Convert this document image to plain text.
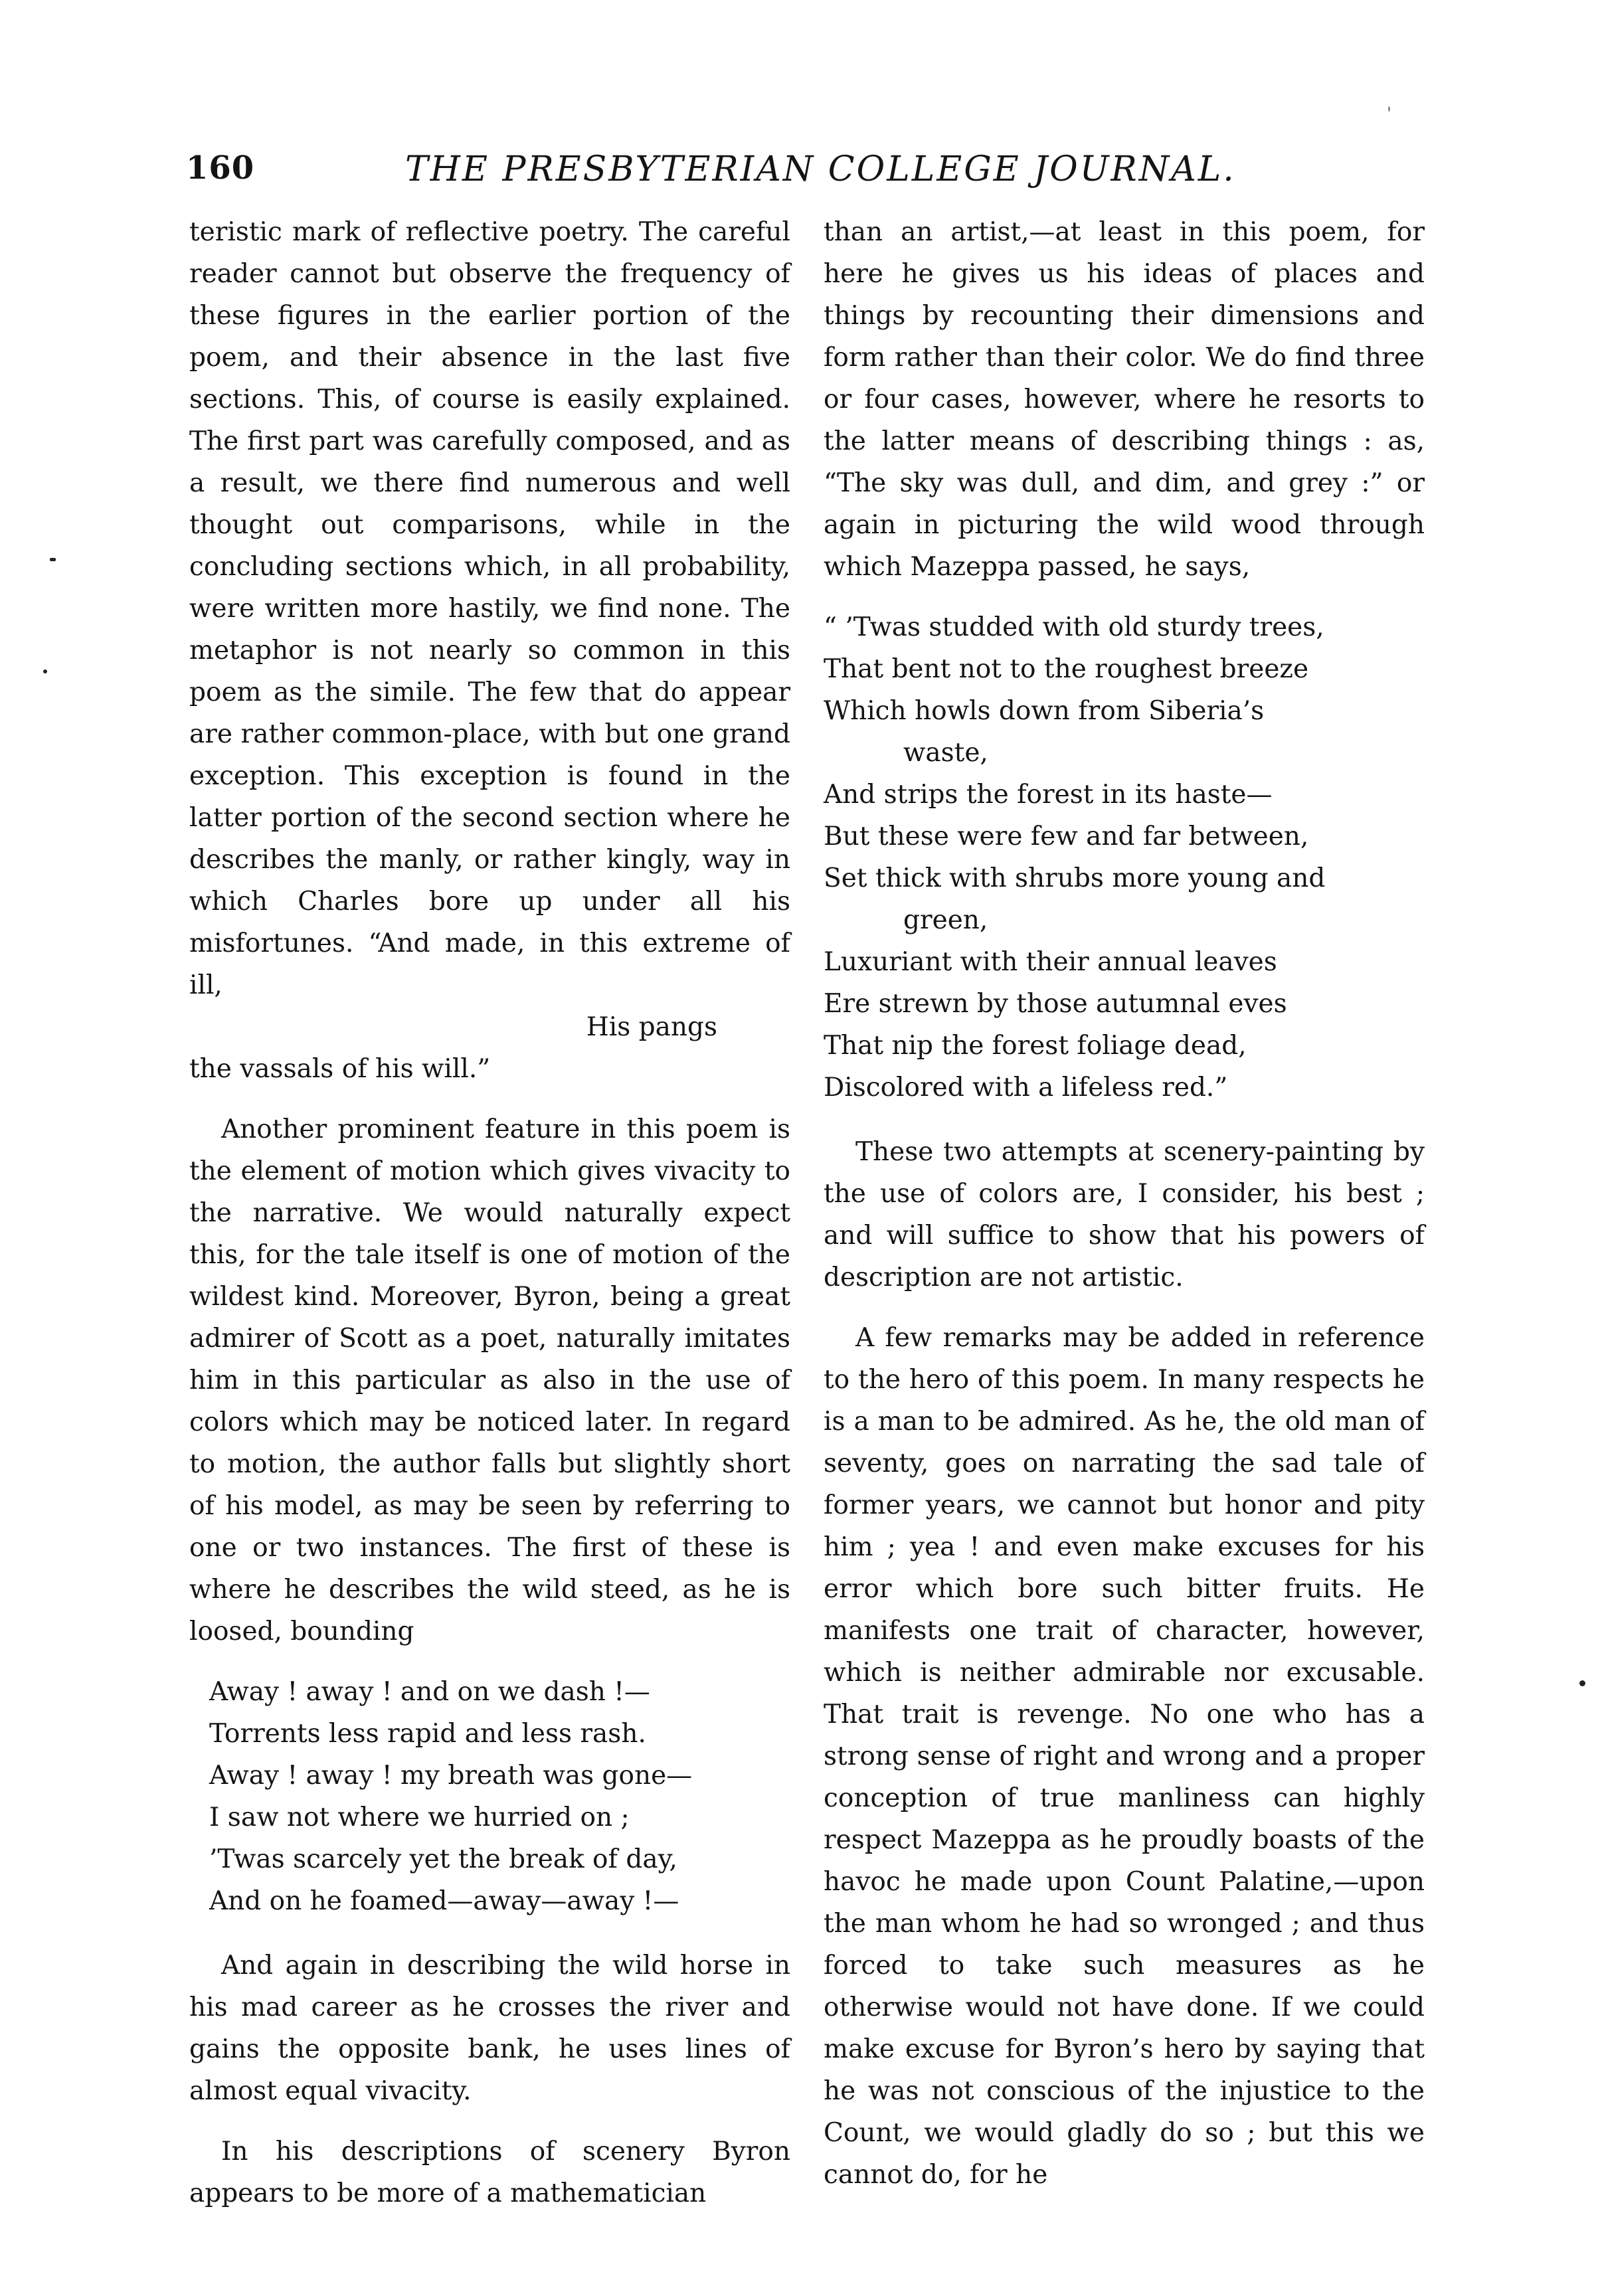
160	THE PRESBYTERIAN COLLEGE JOURNAL.

teristic mark of reflective poetry. The careful reader cannot but observe the frequency of these figures in the earlier portion of the poem, and their absence in the last five sections. This, of course is easily explained. The first part was carefully composed, and as a result, we there find numerous and well thought out comparisons, while in the concluding sections which, in all probability, were written more hastily, we find none. The metaphor is not nearly so common in this poem as the simile. The few that do appear are rather common-place, with but one grand exception. This exception is found in the latter portion of the second section where he describes the manly, or rather kingly, way in which Charles bore up under all his misfortunes. “And made, in this extreme of ill,
His pangs
the vassals of his will.”

Another prominent feature in this poem is the element of motion which gives vivacity to the narrative. We would naturally expect this, for the tale itself is one of motion of the wildest kind. Moreover, Byron, being a great admirer of Scott as a poet, naturally imitates him in this particular as also in the use of colors which may be noticed later. In regard to motion, the author falls but slightly short of his model, as may be seen by referring to one or two instances. The first of these is where he describes the wild steed, as he is loosed, bounding

Away ! away ! and on we dash !—
Torrents less rapid and less rash.
Away ! away ! my breath was gone—
I saw not where we hurried on ;
’Twas scarcely yet the break of day,
And on he foamed—away—away !—

And again in describing the wild horse in his mad career as he crosses the river and gains the opposite bank, he uses lines of almost equal vivacity.

In his descriptions of scenery Byron appears to be more of a mathematician

than an artist,—at least in this poem, for here he gives us his ideas of places and things by recounting their dimensions and form rather than their color. We do find three or four cases, however, where he resorts to the latter means of describing things : as, “The sky was dull, and dim, and grey :” or again in picturing the wild wood through which Mazeppa passed, he says,

“ ’Twas studded with old sturdy trees,
That bent not to the roughest breeze
Which howls down from Siberia’s
waste,
And strips the forest in its haste—
But these were few and far between,
Set thick with shrubs more young and
green,
Luxuriant with their annual leaves
Ere strewn by those autumnal eves
That nip the forest foliage dead,
Discolored with a lifeless red.”

These two attempts at scenery-painting by the use of colors are, I consider, his best ; and will suffice to show that his powers of description are not artistic.

A few remarks may be added in reference to the hero of this poem. In many respects he is a man to be admired. As he, the old man of seventy, goes on narrating the sad tale of former years, we cannot but honor and pity him ; yea ! and even make excuses for his error which bore such bitter fruits. He manifests one trait of character, however, which is neither admirable nor excusable. That trait is revenge. No one who has a strong sense of right and wrong and a proper conception of true manliness can highly respect Mazeppa as he proudly boasts of the havoc he made upon Count Palatine,—upon the man whom he had so wronged ; and thus forced to take such measures as he otherwise would not have done. If we could make excuse for Byron’s hero by saying that he was not conscious of the injustice to the Count, we would gladly do so ; but this we cannot do, for he
